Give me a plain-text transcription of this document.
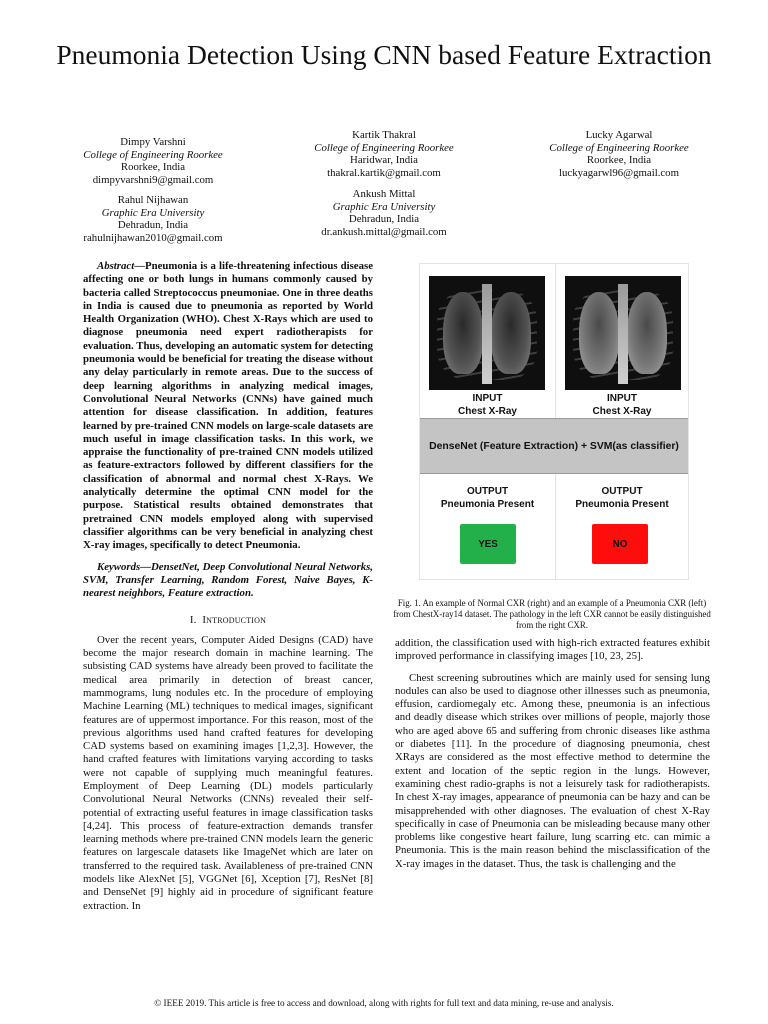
Pneumonia Detection Using CNN based Feature Extraction
Dimpy Varshni
College of Engineering Roorkee
Roorkee, India
dimpyvarshni9@gmail.com
Kartik Thakral
College of Engineering Roorkee
Haridwar, India
thakral.kartik@gmail.com
Lucky Agarwal
College of Engineering Roorkee
Roorkee, India
luckyagarwl96@gmail.com
Rahul Nijhawan
Graphic Era University
Dehradun, India
rahulnijhawan2010@gmail.com
Ankush Mittal
Graphic Era University
Dehradun, India
dr.ankush.mittal@gmail.com

Abstract—Pneumonia is a life-threatening infectious disease affecting one or both lungs in humans commonly caused by bacteria called Streptococcus pneumoniae. One in three deaths in India is caused due to pneumonia as reported by World Health Organization (WHO). Chest X-Rays which are used to diagnose pneumonia need expert radiotherapists for evaluation. Thus, developing an automatic system for detecting pneumonia would be beneficial for treating the disease without any delay particularly in remote areas. Due to the success of deep learning algorithms in analyzing medical images, Convolutional Neural Networks (CNNs) have gained much attention for disease classification. In addition, features learned by pre-trained CNN models on large-scale datasets are much useful in image classification tasks. In this work, we appraise the functionality of pre-trained CNN models utilized as feature-extractors followed by different classifiers for the classification of abnormal and normal chest X-Rays. We analytically determine the optimal CNN model for the purpose. Statistical results obtained demonstrates that pretrained CNN models employed along with supervised classifier algorithms can be very beneficial in analyzing chest X-ray images, specifically to detect Pneumonia.

Keywords—DensetNet, Deep Convolutional Neural Networks, SVM, Transfer Learning, Random Forest, Naive Bayes, K-nearest neighbors, Feature extraction.

I. Introduction

Over the recent years, Computer Aided Designs (CAD) have become the major research domain in machine learning. The subsisting CAD systems have already been proved to facilitate the medical area primarily in detection of breast cancer, mammograms, lung nodules etc. In the procedure of employing Machine Learning (ML) techniques to medical images, significant features are of uppermost importance. For this reason, most of the previous algorithms used hand crafted features for developing CAD systems based on examining images [1,2,3]. However, the hand crafted features with limitations varying according to tasks were not capable of supplying much meaningful features. Employment of Deep Learning (DL) models particularly Convolutional Neural Networks (CNNs) revealed their self-potential of extracting useful features in image classification tasks [4,24]. This process of feature-extraction demands transfer learning methods where pre-trained CNN models learn the generic features on largescale datasets like ImageNet which are later on transferred to the required task. Availableness of pre-trained CNN models like AlexNet [5], VGGNet [6], Xception [7], ResNet [8] and DenseNet [9] highly aid in procedure of significant feature extraction. In

INPUT
Chest X-Ray
INPUT
Chest X-Ray
DenseNet (Feature Extraction) + SVM(as classifier)
OUTPUT
Pneumonia Present
OUTPUT
Pneumonia Present
YES	NO
Fig. 1. An example of Normal CXR (right) and an example of a Pneumonia CXR (left) from ChestX-ray14 dataset. The pathology in the left CXR cannot be easily distinguished from the right CXR.

addition, the classification used with high-rich extracted features exhibit improved performance in classifying images [10, 23, 25].

Chest screening subroutines which are mainly used for sensing lung nodules can also be used to diagnose other illnesses such as pneumonia, effusion, cardiomegaly etc. Among these, pneumonia is an infectious and deadly disease which strikes over millions of people, majorly those who are aged above 65 and suffering from chronic diseases like asthma or diabetes [11]. In the procedure of diagnosing pneumonia, chest XRays are considered as the most effective method to determine the extent and location of the septic region in the lungs. However, examining chest radio-graphs is not a leisurely task for radiotherapists. In chest X-ray images, appearance of pneumonia can be hazy and can be misapprehended with other diagnoses. The evaluation of chest X-Ray specifically in case of Pneumonia can be misleading because many other problems like congestive heart failure, lung scarring etc. can mimic a Pneumonia. This is the main reason behind the misclassification of the X-ray images in the dataset. Thus, the task is challenging and the

© IEEE 2019. This article is free to access and download, along with rights for full text and data mining, re-use and analysis.
